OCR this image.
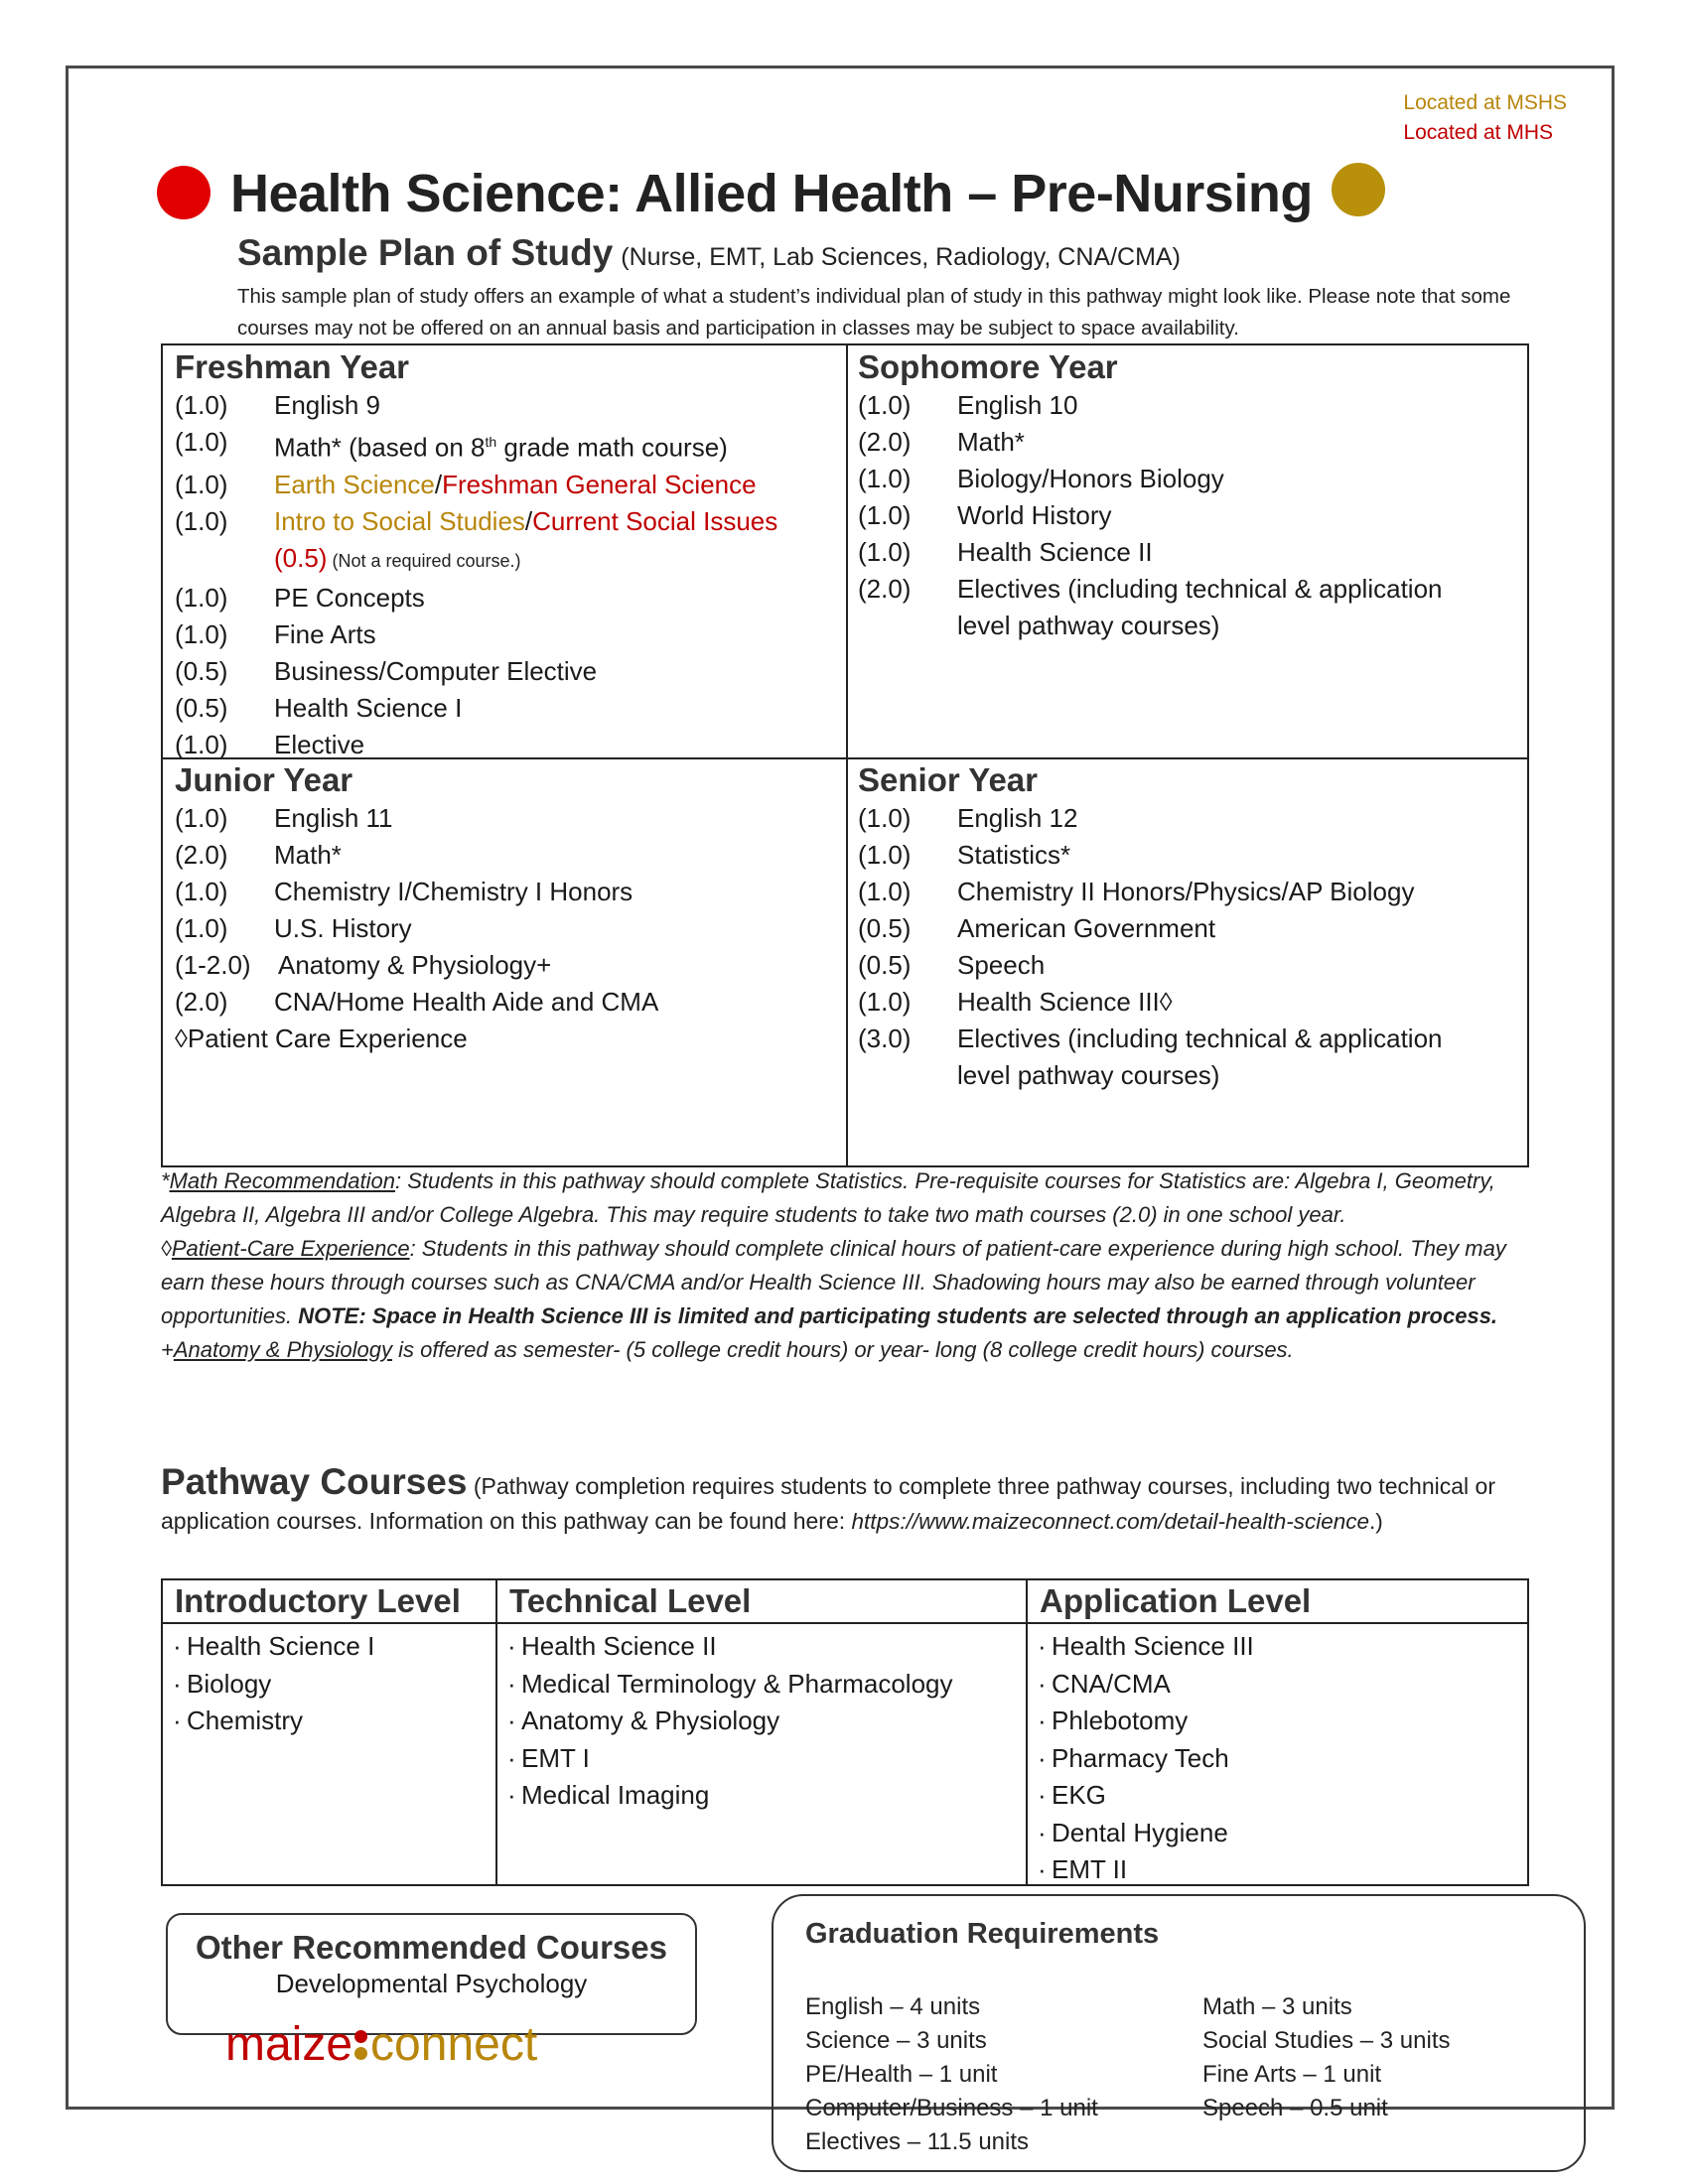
Located at MSHS
Located at MHS
Health Science: Allied Health – Pre-Nursing
Sample Plan of Study (Nurse, EMT, Lab Sciences, Radiology, CNA/CMA)
This sample plan of study offers an example of what a student’s individual plan of study in this pathway might look like. Please note that some courses may not be offered on an annual basis and participation in classes may be subject to space availability.
Freshman Year
(1.0)	English 9
(1.0)	Math* (based on 8th grade math course)
(1.0)	Earth Science/Freshman General Science
(1.0)	Intro to Social Studies/Current Social Issues
(0.5) (Not a required course.)
(1.0)	PE Concepts
(1.0)	Fine Arts
(0.5)	Business/Computer Elective
(0.5)	Health Science I
(1.0)	Elective
Sophomore Year
(1.0)	English 10
(2.0)	Math*
(1.0)	Biology/Honors Biology
(1.0)	World History
(1.0)	Health Science II
(2.0)	Electives (including technical & application
level pathway courses)
Junior Year
(1.0)	English 11
(2.0)	Math*
(1.0)	Chemistry I/Chemistry I Honors
(1.0)	U.S. History
(1-2.0)	Anatomy & Physiology+
(2.0)	CNA/Home Health Aide and CMA
◊Patient Care Experience
Senior Year
(1.0)	English 12
(1.0)	Statistics*
(1.0)	Chemistry II Honors/Physics/AP Biology
(0.5)	American Government
(0.5)	Speech
(1.0)	Health Science III◊
(3.0)	Electives (including technical & application
level pathway courses)
*Math Recommendation: Students in this pathway should complete Statistics. Pre-requisite courses for Statistics are: Algebra I, Geometry, Algebra II, Algebra III and/or College Algebra. This may require students to take two math courses (2.0) in one school year.
◊Patient-Care Experience: Students in this pathway should complete clinical hours of patient-care experience during high school. They may earn these hours through courses such as CNA/CMA and/or Health Science III. Shadowing hours may also be earned through volunteer opportunities. NOTE: Space in Health Science III is limited and participating students are selected through an application process.
+Anatomy & Physiology is offered as semester- (5 college credit hours) or year- long (8 college credit hours) courses.
Pathway Courses (Pathway completion requires students to complete three pathway courses, including two technical or application courses. Information on this pathway can be found here: https://www.maizeconnect.com/detail-health-science.)
Introductory Level
· Health Science I
· Biology
· Chemistry
Technical Level
· Health Science II
· Medical Terminology & Pharmacology
· Anatomy & Physiology
· EMT I
· Medical Imaging
Application Level
· Health Science III
· CNA/CMA
· Phlebotomy
· Pharmacy Tech
· EKG
· Dental Hygiene
· EMT II
Other Recommended Courses
Developmental Psychology
Graduation Requirements
English – 4 units
Science – 3 units
PE/Health – 1 unit
Computer/Business – 1 unit
Electives – 11.5 units
Math – 3 units
Social Studies – 3 units
Fine Arts – 1 unit
Speech – 0.5 unit
maize connect
